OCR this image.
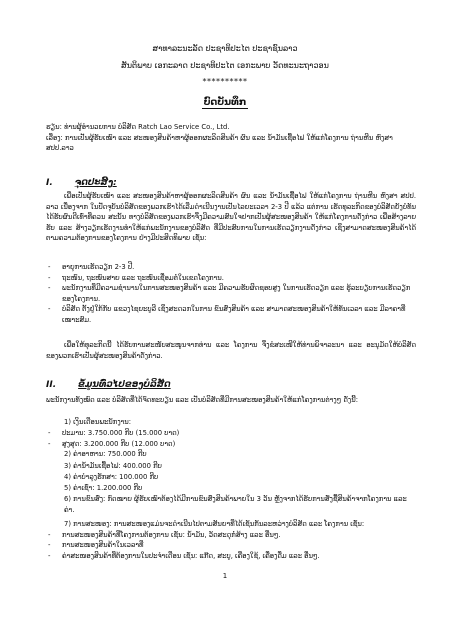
ສາທາລະນະລັດ ປະຊາທິປະໄຕ ປະຊາຊົນລາວ
ສັນຕິພາບ ເອກະລາດ ປະຊາທິປະໄຕ ເອກະພາບ ວັດທະນະຖາວອນ
**********
ບົດບັນທຶກ
ຮຽນ: ທ່ານຜູ້ອຳນວຍການ ບໍລິສັດ Ratch Lao Service Co., Ltd.
ເລື່ອງ: ການເປັນຜູ້ຮັບເໝົາ ແລະ ສະໜອງສິນຄ້າຫາຜູ້ອອກຜະລິດສິນຄ້າ ຜົນ ແລະ ນ້ຳມັນເຊື້ອໄຟ ໃຫ້ແກ່ໂຄງການ ຖ່ານຫີນ ຫົງສາ ສປປ.ລາວ
I. ຈຸດປະສົງ:
ເພື່ອເປັນຜູ້ຮັບເໝົາ ແລະ ສະໜອງສິນຄ້າຫາຜູ້ອອກຜະລິດສິນຄ້າ ຜົນ ແລະ ນ້ຳມັນເຊື້ອໄຟ ໃຫ້ແກ່ໂຄງການ ຖ່ານຫີນ ຫົງສາ ສປປ. ລາວ ເນື່ອງຈາກ ໃນປັດຈຸບັນບໍລິສັດຂອງພວກເຮົາໄດ້ເລີ່ມດຳເນີນງານເປັນໄລຍະເວລາ 2-3 ປີ ແລ້ວ ແຕ່ການ ເຮັດທຸລະກິດຂອງບໍລິສັດຍັງບໍ່ທັນໄດ້ຮັບຜົນດີເທົ່າທີ່ຄວນ ສະນັ້ນ ທາງບໍລິສັດຂອງພວກເຮົາຈຶ່ງມີຄວາມສົນໃຈຢາກເປັນຜູ້ສະໜອງສິນຄ້າ ໃຫ້ແກ່ໂຄງການດັ່ງກ່າວ ເພື່ອສ້າງລາຍຮັບ ແລະ ສ້າງວຽກເຮັດງານທຳໃຫ້ແກ່ພະນັກງານຂອງບໍລິສັດ ທີ່ມີປະສົບການໃນການເຮັດວຽກງານດັ່ງກ່າວ ເຊິ່ງສາມາດສະໜອງສິນຄ້າໄດ້ຕາມຄວາມຕ້ອງການຂອງໂຄງການ ຢ່າງມີປະສິດທິພາບ ເຊັ່ນ:
- ອາຍຸການເຮັດວຽກ 2-3 ປີ.
- ຖະໜົນ, ຖະໜົນສາຍ ແລະ ຖະໜົນເຊື່ອມຕໍ່ໃນເຂດໂຄງການ.
- ພະນັກງານທີ່ມີຄວາມຊຳນານໃນການສະໜອງສິນຄ້າ ແລະ ມີຄວາມຮັບຜິດຊອບສູງ ໃນການເຮັດວຽກ ແລະ ຮູ້ລະບຽບການເຮັດວຽກຂອງໂຄງການ.
- ບໍລິສັດ ຕັ້ງຢູ່ໃກ້ກັບ ແຂວງໄຊຍະບູລີ ເຊິ່ງສະດວກໃນການ ຂົນສົ່ງສິນຄ້າ ແລະ ສາມາດສະໜອງສິນຄ້າໃຫ້ທັນເວລາ ແລະ ມີລາຄາທີ່ເໝາະສົມ.
ເພື່ອໃຫ້ທຸລະກິດນີ້ ໄດ້ຮັບການສະໜັບສະໜູນຈາກທ່ານ ແລະ ໂຄງການ ຈຶ່ງຂໍສະເໜີໃຫ້ທ່ານພິຈາລະນາ ແລະ ອະນຸມັດໃຫ້ບໍລິສັດ ຂອງພວກເຮົາເປັນຜູ້ສະໜອງສິນຄ້າດັ່ງກ່າວ.
II. ຂໍ້ມູນທົ່ວໄປຂອງບໍລິສັດ
ພະນັກງານທັງໝົດ ແລະ ບໍລິສັດທີ່ໄດ້ຈົດທະບຽນ ແລະ ເປັນບໍລິສັດທີ່ມີການສະໜອງສິນຄ້າໃຫ້ແກ່ໂຄງການຕ່າງໆ ດັ່ງນີ້:
1) ເງິນເດືອນພະນັກງານ:
- ປະມານ: 3.750.000 ກີບ (15.000 ບາດ)
- ສູງສຸດ: 3.200.000 ກີບ (12.000 ບາດ)
2) ຄ່າອາຫານ: 750.000 ກີບ
3) ຄ່ານ້ຳມັນເຊື້ອໄຟ: 400.000 ກີບ
4) ຄ່າບຳລຸງຮັກສາ: 100.000 ກີບ
5) ຄ່າເຊົ່າ: 1.200.000 ກີບ
6) ການຂົນສົ່ງ: ກົດໝາຍ ຜູ້ຮັບເໝົາຕ້ອງໄດ້ມີການຂົນສົ່ງສິນຄ້າພາຍໃນ 3 ວັນ ຫຼັງຈາກໄດ້ຮັບການສັ່ງຊື້ສິນຄ້າຈາກໂຄງການ ແລະ ຄ່າ.
7) ການສະໜອງ: ການສະໜອງແມ່ນຈະດຳເນີນໄປຕາມສັນຍາທີ່ໄດ້ເຊັນກັນລະຫວ່າງບໍລິສັດ ແລະ ໂຄງການ ເຊັ່ນ:
- ການສະໜອງສິນຄ້າທີ່ໂຄງການຕ້ອງການ ເຊັ່ນ: ນ້ຳມັນ, ວັດສະດຸກໍ່ສ້າງ ແລະ ອື່ນໆ.
- ການສະໜອງສິນຄ້າໃນເວລາທີ່
- ຄ່າສະໜອງສິນຄ້າທີ່ຕ້ອງການໃນປະຈຳເດືອນ ເຊັ່ນ: ແກ໊ດ, ສະບູ, ເຄື່ອງໃຊ້, ເຄື່ອງດື່ມ ແລະ ອື່ນໆ.
1
